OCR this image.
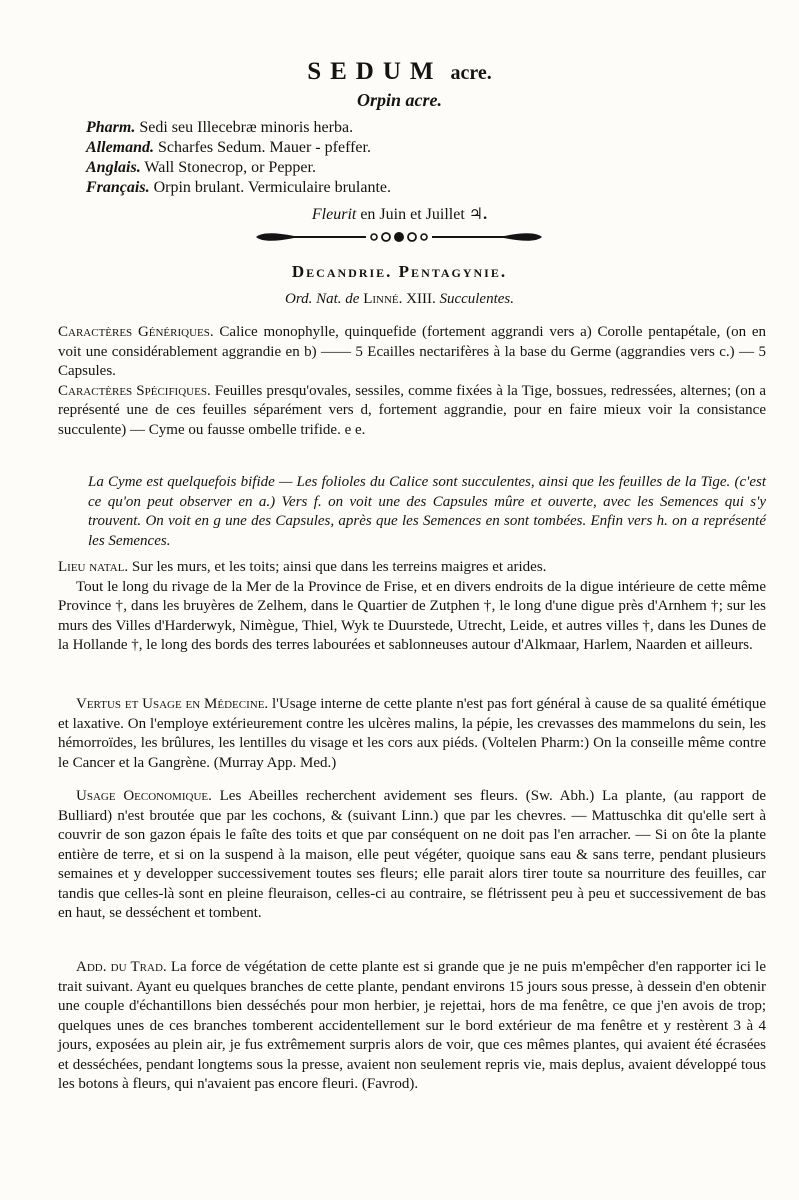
SEDUM acre.
Orpin acre.
Pharm. Sedi seu Illecebræ minoris herba.
Allemand. Scharfes Sedum. Mauer - pfeffer.
Anglais. Wall Stonecrop, or Pepper.
Français. Orpin brulant. Vermiculaire brulante.
Fleurit en Juin et Juillet ♃.
Decandrie. Pentagynie.
Ord. Nat. de Linné. XIII. Succulentes.

Caractères Génériques. Calice monophylle, quinquefide (fortement aggrandi vers a) Corolle pentapétale, (on en voit une considérablement aggrandie en b) —— 5 Ecailles nectarifères à la base du Germe (aggrandies vers c.) — 5 Capsules.

Caractères Spécifiques. Feuilles presqu'ovales, sessiles, comme fixées à la Tige, bossues, redressées, alternes; (on a représenté une de ces feuilles séparément vers d, fortement aggrandie, pour en faire mieux voir la consistance succulente) — Cyme ou fausse ombelle trifide. e e.

La Cyme est quelquefois bifide — Les folioles du Calice sont succulentes, ainsi que les feuilles de la Tige. (c'est ce qu'on peut observer en a.) Vers f. on voit une des Capsules mûre et ouverte, avec les Semences qui s'y trouvent. On voit en g une des Capsules, après que les Semences en sont tombées. Enfin vers h. on a représenté les Semences.

Lieu natal. Sur les murs, et les toits; ainsi que dans les terreins maigres et arides.

Tout le long du rivage de la Mer de la Province de Frise, et en divers endroits de la digue intérieure de cette même Province †, dans les bruyères de Zelhem, dans le Quartier de Zutphen †, le long d'une digue près d'Arnhem †; sur les murs des Villes d'Harderwyk, Nimègue, Thiel, Wyk te Duurstede, Utrecht, Leide, et autres villes †, dans les Dunes de la Hollande †, le long des bords des terres labourées et sablonneuses autour d'Alkmaar, Harlem, Naarden et ailleurs.

Vertus et Usage en Médecine. l'Usage interne de cette plante n'est pas fort général à cause de sa qualité émétique et laxative. On l'employe extérieurement contre les ulcères malins, la pépie, les crevasses des mammelons du sein, les hémorroïdes, les brûlures, les lentilles du visage et les cors aux piéds. (Voltelen Pharm:) On la conseille même contre le Cancer et la Gangrène. (Murray App. Med.)

Usage Oeconomique. Les Abeilles recherchent avidement ses fleurs. (Sw. Abh.) La plante, (au rapport de Bulliard) n'est broutée que par les cochons, & (suivant Linn.) que par les chevres. — Mattuschka dit qu'elle sert à couvrir de son gazon épais le faîte des toits et que par conséquent on ne doit pas l'en arracher. — Si on ôte la plante entière de terre, et si on la suspend à la maison, elle peut végéter, quoique sans eau & sans terre, pendant plusieurs semaines et y developper successivement toutes ses fleurs; elle parait alors tirer toute sa nourriture des feuilles, car tandis que celles-là sont en pleine fleuraison, celles-ci au contraire, se flétrissent peu à peu et successivement de bas en haut, se desséchent et tombent.

Add. du Trad. La force de végétation de cette plante est si grande que je ne puis m'empêcher d'en rapporter ici le trait suivant. Ayant eu quelques branches de cette plante, pendant environs 15 jours sous presse, à dessein d'en obtenir une couple d'échantillons bien desséchés pour mon herbier, je rejettai, hors de ma fenêtre, ce que j'en avois de trop; quelques unes de ces branches tomberent accidentellement sur le bord extérieur de ma fenêtre et y restèrent 3 à 4 jours, exposées au plein air, je fus extrêmement surpris alors de voir, que ces mêmes plantes, qui avaient été écrasées et desséchées, pendant longtems sous la presse, avaient non seulement repris vie, mais deplus, avaient développé tous les botons à fleurs, qui n'avaient pas encore fleuri. (Favrod).
